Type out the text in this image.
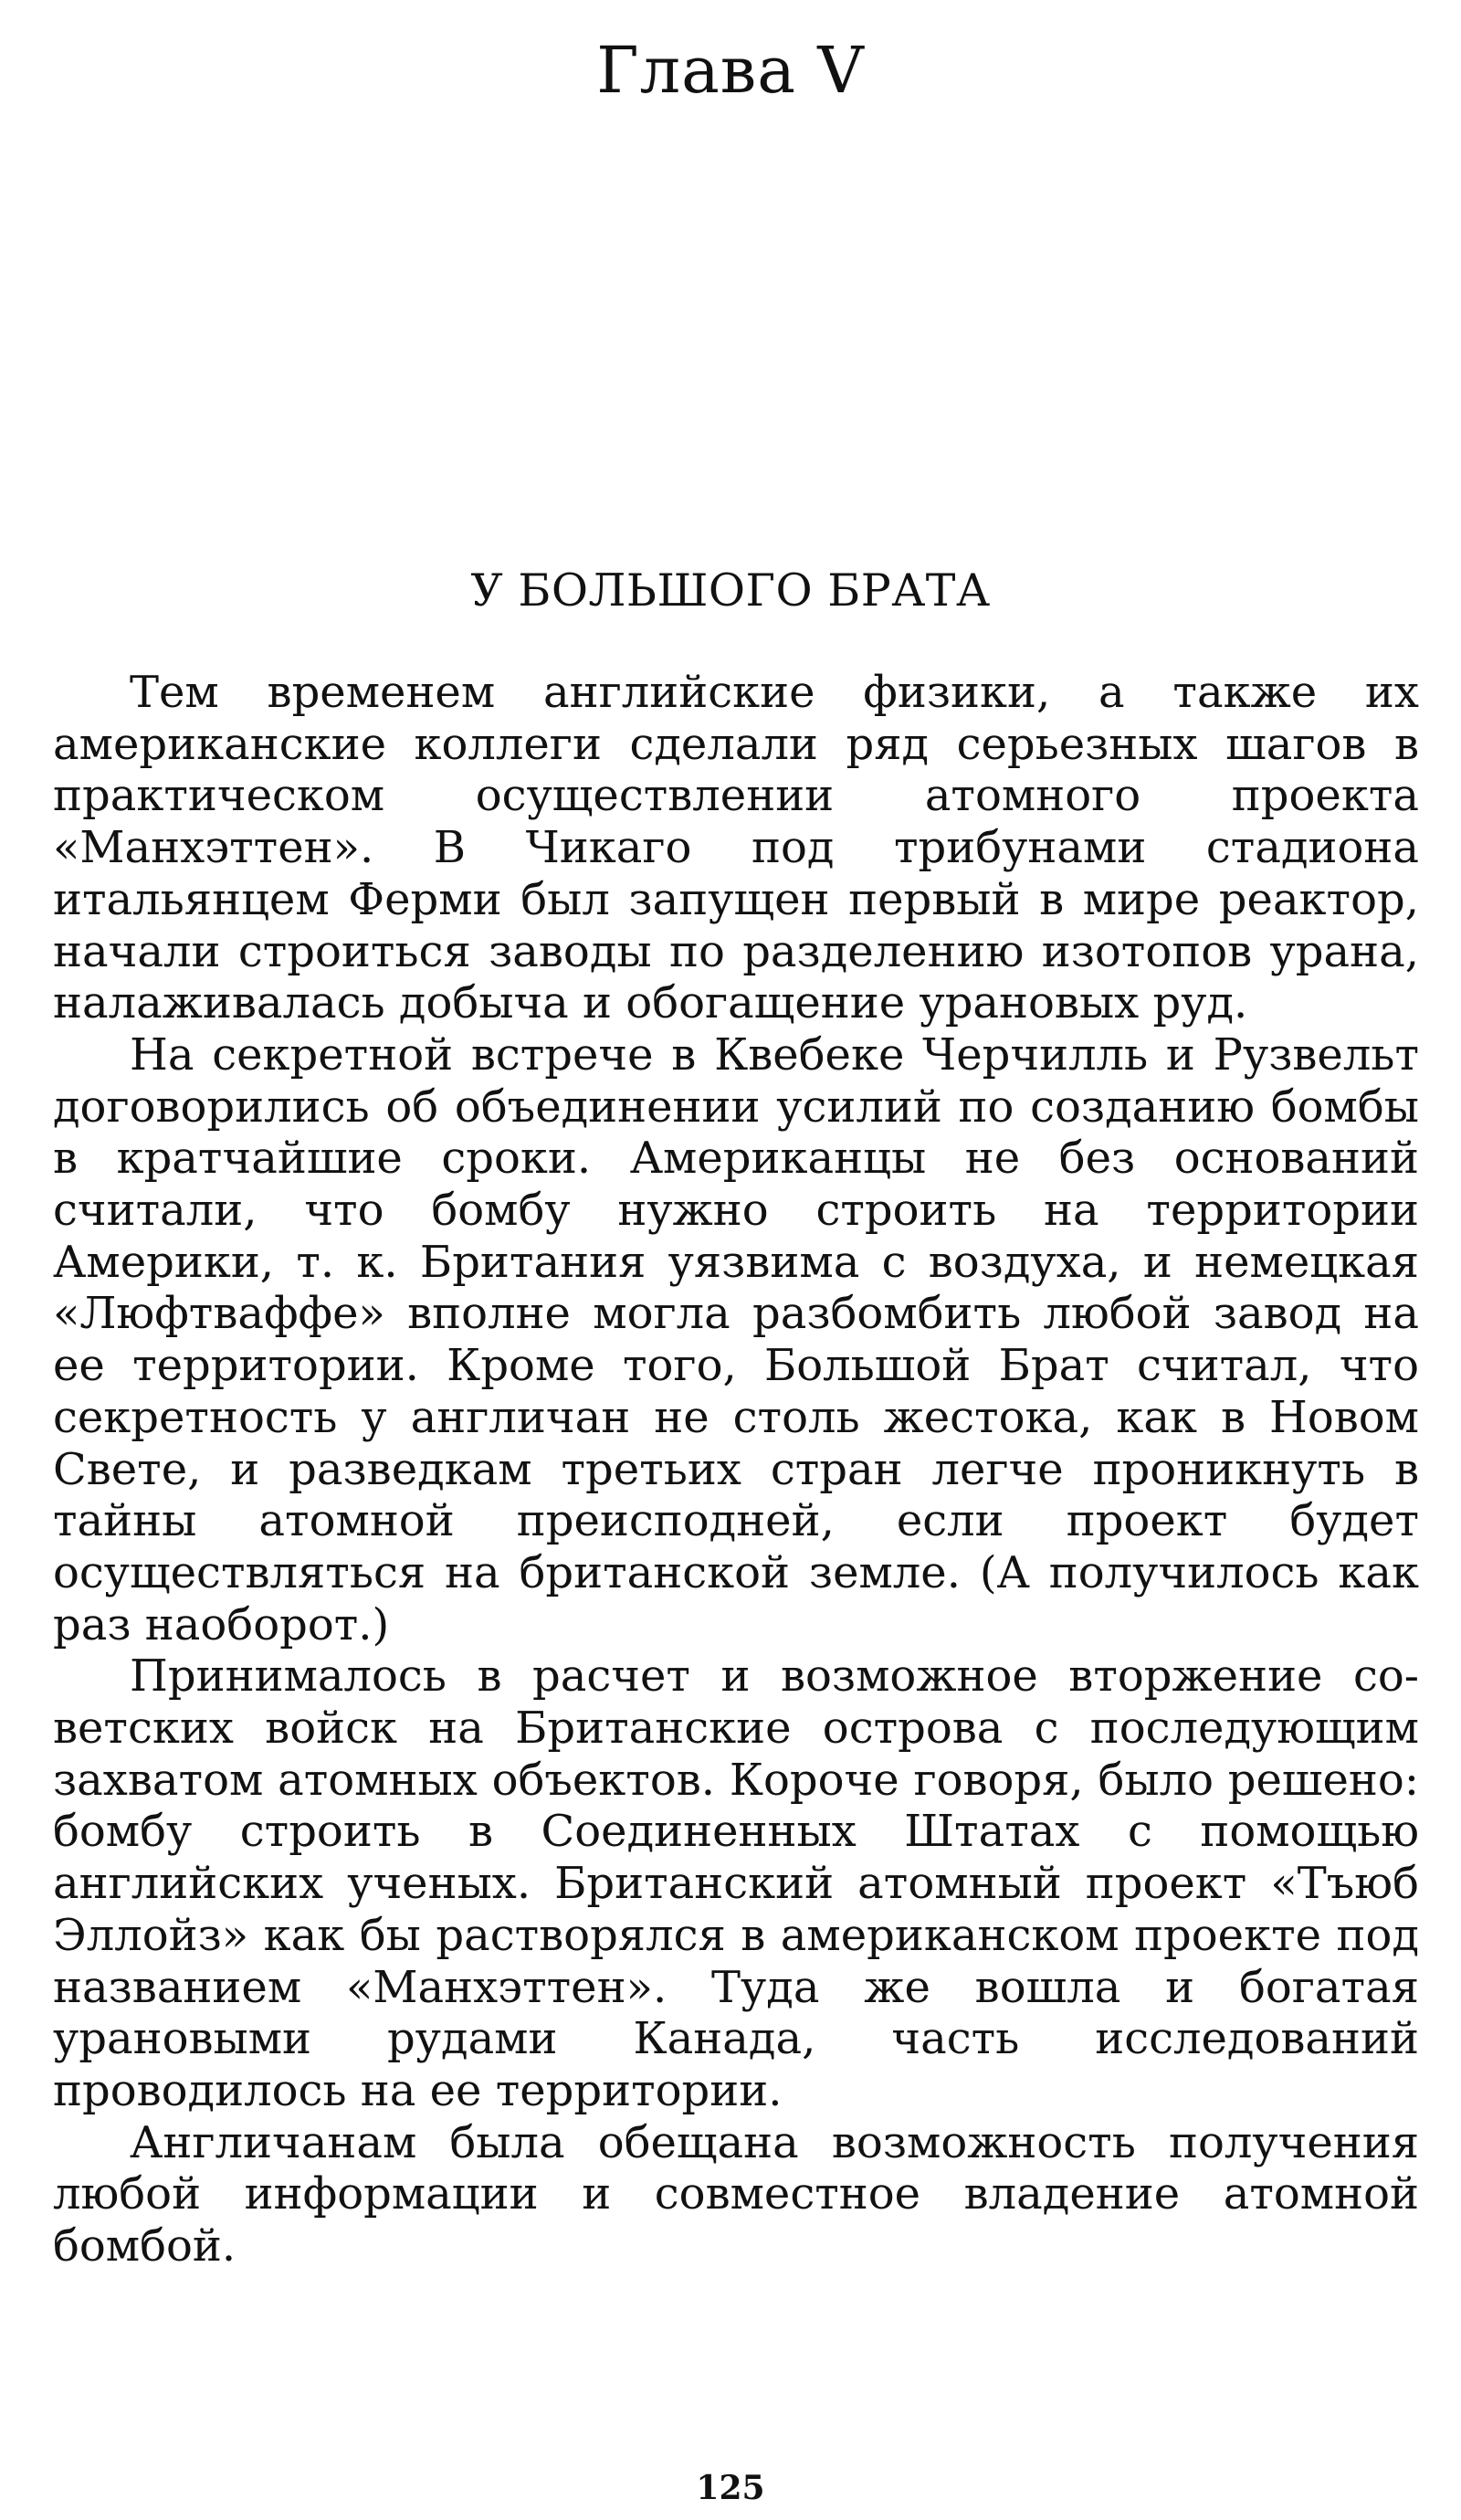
Глава V
У БОЛЬШОГО БРАТА

Тем временем английские физики, а также их американские коллеги сделали ряд серьезных шагов в практическом осуществлении атомного проекта «Манхэттен». В Чикаго под трибунами стадиона итальянцем Ферми был запущен первый в мире реактор, начали строиться заводы по разделению изотопов урана, налаживалась добыча и обогащение урановых руд.

На секретной встрече в Квебеке Черчилль и Рузвельт договорились об объединении усилий по созданию бомбы в кратчайшие сроки. Американцы не без оснований считали, что бомбу нужно строить на территории Америки, т. к. Британия уязвима с воздуха, и немецкая «Люфтваффе» вполне могла разбомбить любой завод на ее территории. Кроме того, Большой Брат считал, что секретность у англичан не столь жестока, как в Новом Свете, и разведкам третьих стран легче проникнуть в тайны атомной преисподней, если проект будет осуществляться на британской земле. (А получилось как раз наоборот.)

Принималось в расчет и возможное вторжение советских войск на Британские острова с последующим захватом атомных объектов. Короче говоря, было решено: бомбу строить в Соединенных Штатах с помощью английских ученых. Британский атомный проект «Тъюб Эллойз» как бы растворялся в американском проекте под названием «Манхэттен». Туда же вошла и богатая урановыми рудами Канада, часть исследований проводилось на ее территории.

Англичанам была обещана возможность получения любой информации и совместное владение атомной бомбой.

125
